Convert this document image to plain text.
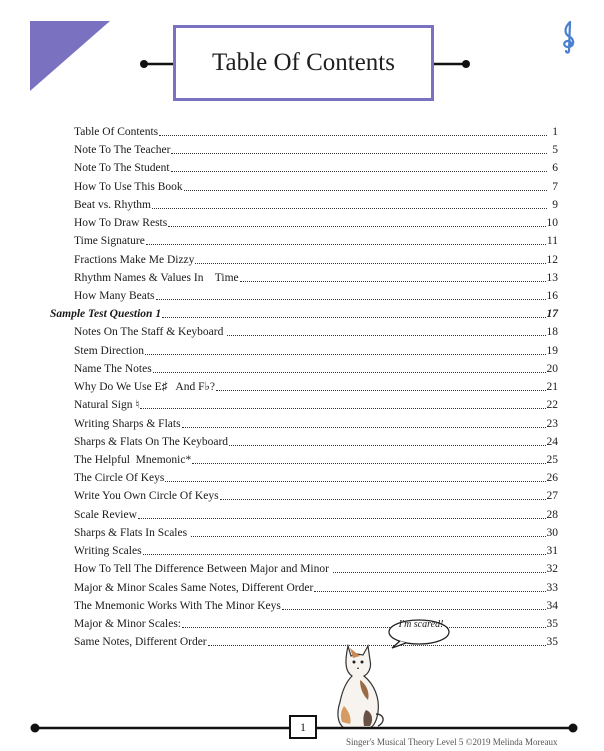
Table Of Contents
Table Of Contents	1
Note To The Teacher	5
Note To The Student	6
How To Use This Book	7
Beat vs. Rhythm	9
How To Draw Rests	10
Time Signature	11
Fractions Make Me Dizzy	12
Rhythm Names & Values In    Time	13
How Many Beats	16
Sample Test Question 1	17
Notes On The Staff & Keyboard	18
Stem Direction	19
Name The Notes	20
Why Do We Use E♯   And F♭?	21
Natural Sign ♮	22
Writing Sharps & Flats	23
Sharps & Flats On The Keyboard	24
The Helpful  Mnemonic*	25
The Circle Of Keys	26
Write You Own Circle Of Keys	27
Scale Review	28
Sharps & Flats In Scales	30
Writing Scales	31
How To Tell The Difference Between Major and Minor	32
Major & Minor Scales Same Notes, Different Order	33
The Mnemonic Works With The Minor Keys	34
Major & Minor Scales:	35
Same Notes, Different Order	35
I'm scared!
1
Singer's Musical Theory Level 5 ©2019 Melinda Moreaux
